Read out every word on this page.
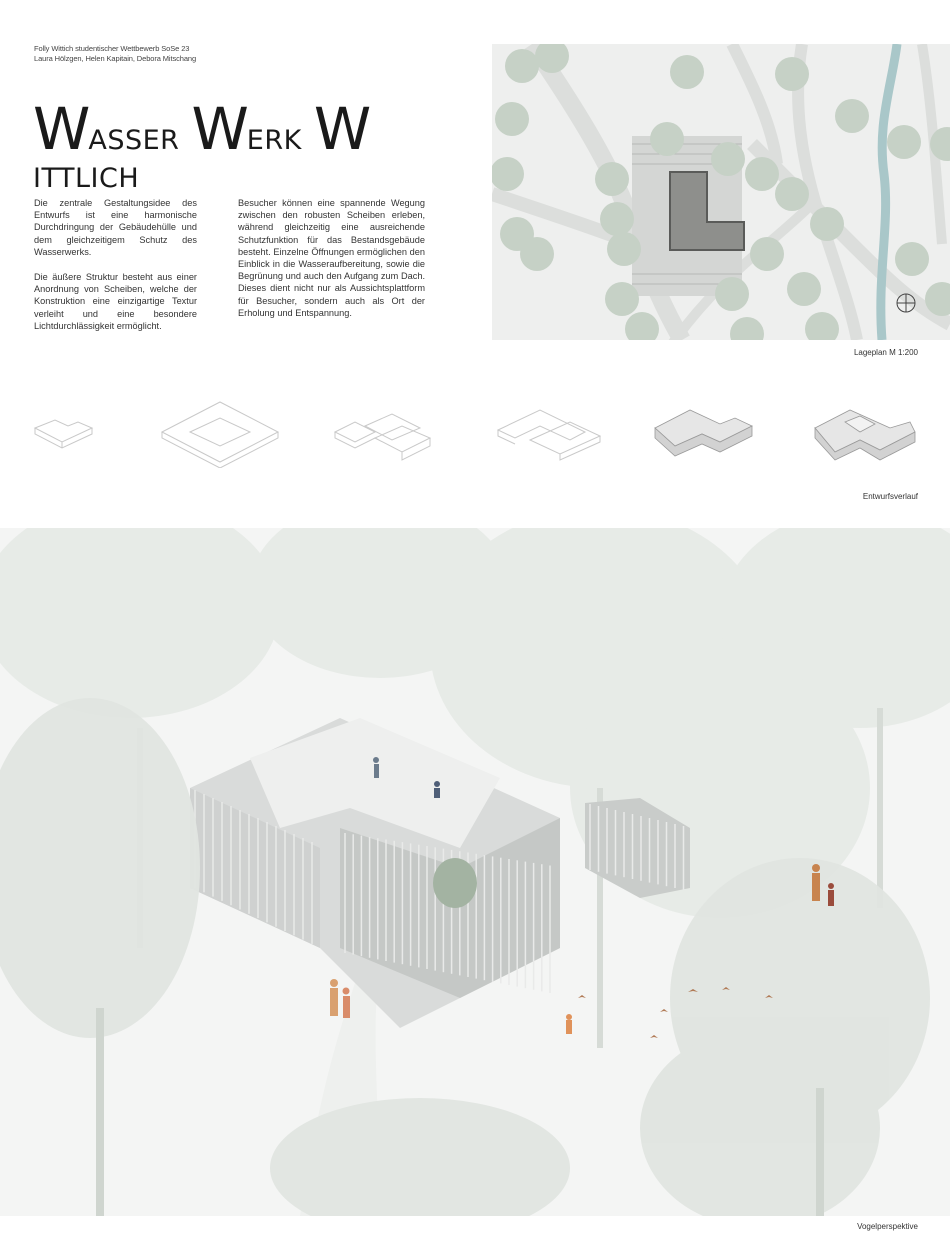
Folly Wittich studentischer Wettbewerb SoSe 23
Laura Hölzgen, Helen Kapitain, Debora Mitschang
WASSER WERK WITTLICH

Die zentrale Gestaltungsidee des Entwurfs ist eine harmonische Durchdringung der Gebäudehülle und dem gleichzeitigem Schutz des Wasserwerks.

Die äußere Struktur besteht aus einer Anordnung von Scheiben, welche der Konstruktion eine einzigartige Textur verleiht und eine besondere Lichtdurchlässigkeit ermöglicht.

Besucher können eine spannende Wegung zwischen den robusten Scheiben erleben, während gleichzeitig eine ausreichende Schutzfunktion für das Bestandsgebäude besteht. Einzelne Öffnungen ermöglichen den Einblick in die Wasseraufbereitung, sowie die Begrünung und auch den Aufgang zum Dach. Dieses dient nicht nur als Aussichtsplattform für Besucher, sondern auch als Ort der Erholung und Entspannung.

Lageplan M 1:200
Entwurfsverlauf
Vogelperspektive
